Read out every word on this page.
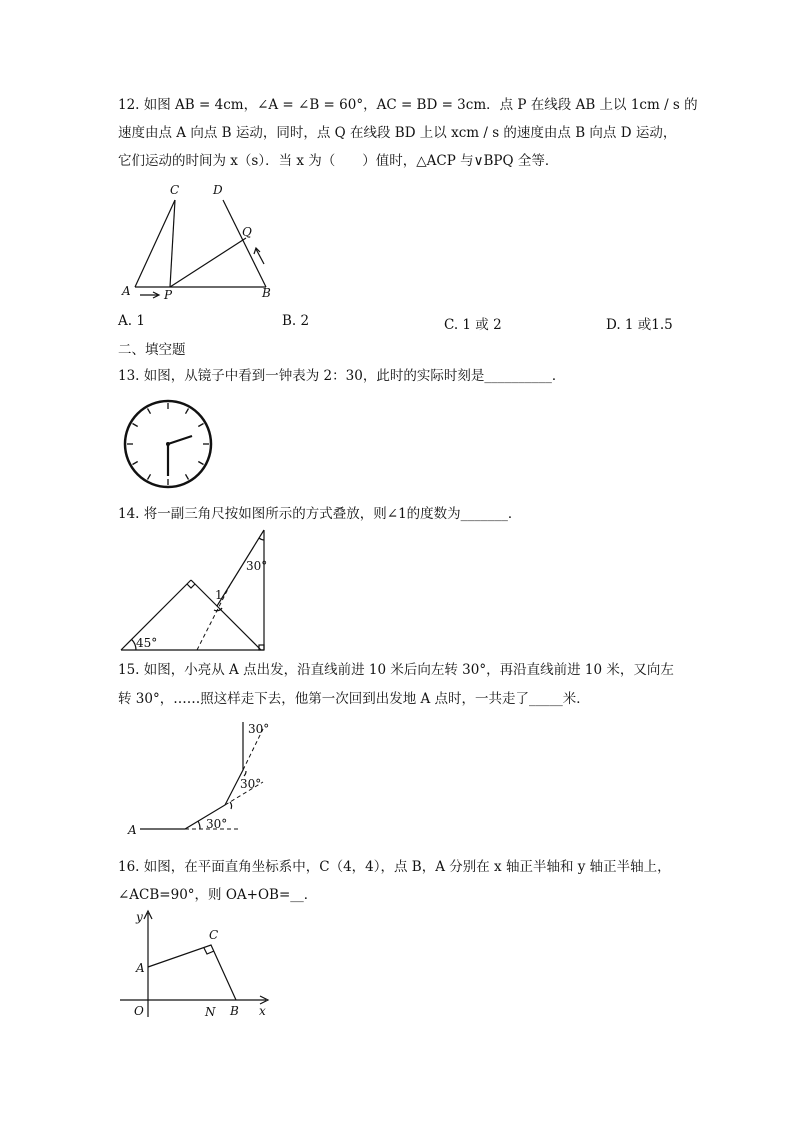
12. 如图 AB = 4cm，∠A = ∠B = 60°，AC = BD = 3cm．点 P 在线段 AB 上以 1cm / s 的
速度由点 A 向点 B 运动，同时，点 Q 在线段 BD 上以 xcm / s 的速度由点 B 向点 D 运动，
它们运动的时间为 x（s）．当 x 为（　　）值时，△ACP 与∨BPQ 全等．
C	D
Q
A	P	B
A. 1	B. 2	C. 1 或 2	D. 1 或1.5
二、填空题
13. 如图，从镜子中看到一钟表为 2：30，此时的实际时刻是__________．
14. 将一副三角尺按如图所示的方式叠放，则∠1的度数为_______．
1
30°
45°
15. 如图，小亮从 A 点出发，沿直线前进 10 米后向左转 30°，再沿直线前进 10 米，又向左
转 30°，……照这样走下去，他第一次回到出发地 A 点时，一共走了_____米．
A	30°
30°
30°
16. 如图，在平面直角坐标系中，C（4，4），点 B，A 分别在 x 轴正半轴和 y 轴正半轴上，
∠ACB=90°，则 OA+OB=__．
y
x
C
A
O	N B
